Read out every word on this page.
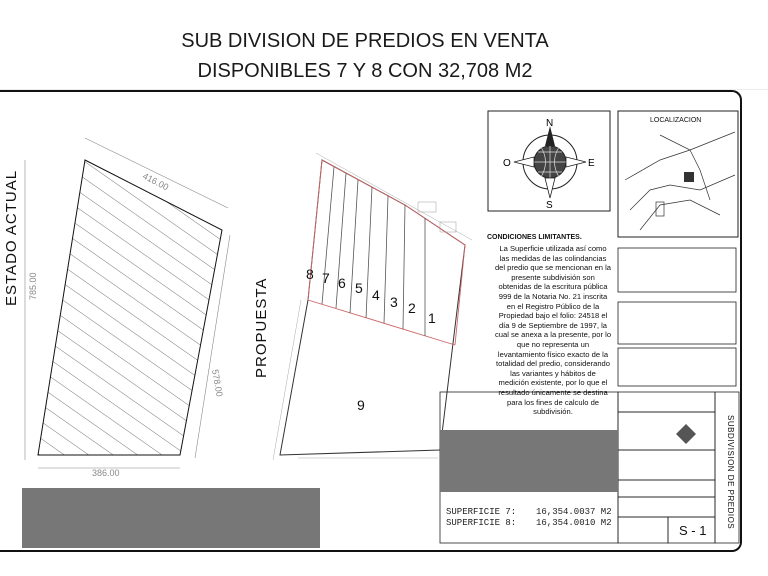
SUB DIVISION DE PREDIOS EN VENTA
DISPONIBLES 7 Y 8 CON 32,708 M2
416.00
785.00
578.00
386.00
N
S
E
O
ESTADO ACTUAL
PROPUESTA
8 7 6 5 4 3 2
1
9
LOCALIZACION
CONDICIONES LIMITANTES.
La Superficie utilizada así como las medidas de las colindancias del predio que se mencionan en la presente subdivisión son obtenidas de la escritura pública 999 de la Notaria No. 21 inscrita en el Registro Público de la Propiedad bajo el folio: 24518 el día 9 de Septiembre de 1997, la cual se anexa a la presente, por lo que no representa un levantamiento físico exacto de la totalidad del predio, considerando las variantes y hábitos de medición existente, por lo que el resultado únicamente se destina para los fines de calculo de subdivisión.
SUPERFICIE 7: 16,354.0037 M2
SUPERFICIE 8: 16,354.0010 M2	S - 1
SUBDIVISION DE PREDIOS
